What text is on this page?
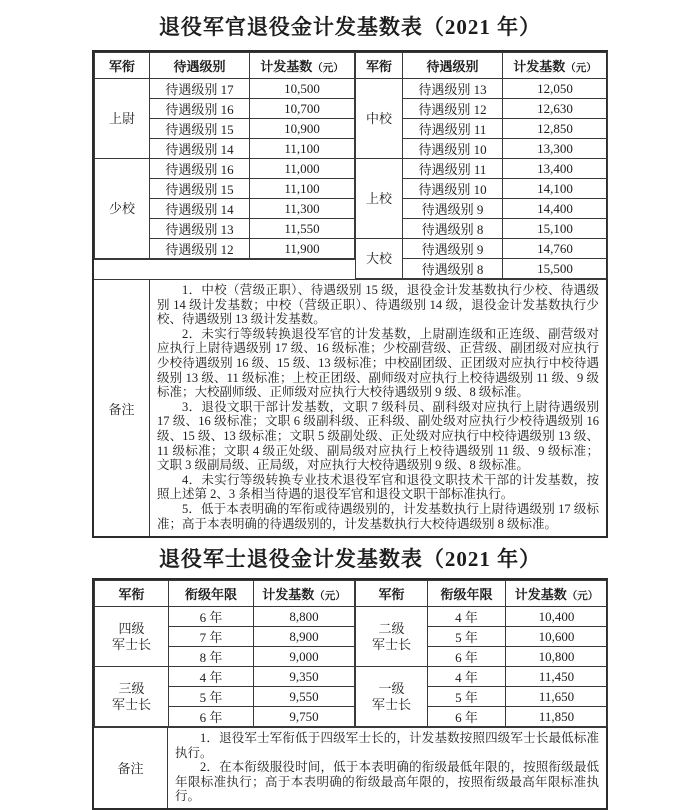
退役军官退役金计发基数表（2021 年）
军衔	待遇级别	计发基数（元）
上尉	待遇级别 17	10,500
	待遇级别 16	10,700
	待遇级别 15	10,900
	待遇级别 14	11,100
少校	待遇级别 16	11,000
	待遇级别 15	11,100
	待遇级别 14	11,300
	待遇级别 13	11,550
	待遇级别 12	11,900

军衔	待遇级别	计发基数（元）
中校	待遇级别 13	12,050
	待遇级别 12	12,630
	待遇级别 11	12,850
	待遇级别 10	13,300
上校	待遇级别 11	13,400
	待遇级别 10	14,100
	待遇级别 9	14,400
	待遇级别 8	15,100
大校	待遇级别 9	14,760
	待遇级别 8	15,500
备注

1．中校（营级正职）、待遇级别 15 级，退役金计发基数执行少校、待遇级别 14 级计发基数；中校（营级正职）、待遇级别 14 级，退役金计发基数执行少校、待遇级别 13 级计发基数。

2．未实行等级转换退役军官的计发基数，上尉副连级和正连级、副营级对应执行上尉待遇级别 17 级、16 级标准；少校副营级、正营级、副团级对应执行少校待遇级别 16 级、15 级、13 级标准；中校副团级、正团级对应执行中校待遇级别 13 级、11 级标准；上校正团级、副师级对应执行上校待遇级别 11 级、9 级标准；大校副师级、正师级对应执行大校待遇级别 9 级、8 级标准。

3．退役文职干部计发基数，文职 7 级科员、副科级对应执行上尉待遇级别 17 级、16 级标准；文职 6 级副科级、正科级、副处级对应执行少校待遇级别 16 级、15 级、13 级标准；文职 5 级副处级、正处级对应执行中校待遇级别 13 级、11 级标准；文职 4 级正处级、副局级对应执行上校待遇级别 11 级、9 级标准；文职 3 级副局级、正局级，对应执行大校待遇级别 9 级、8 级标准。

4．未实行等级转换专业技术退役军官和退役文职技术干部的计发基数，按照上述第 2、3 条相当待遇的退役军官和退役文职干部标准执行。

5．低于本表明确的军衔或待遇级别的，计发基数执行上尉待遇级别 17 级标准；高于本表明确的待遇级别的，计发基数执行大校待遇级别 8 级标准。

退役军士退役金计发基数表（2021 年）
军衔	衔级年限	计发基数（元）
四级
军士长	6 年	8,800
	7 年	8,900
	8 年	9,000
三级
军士长	4 年	9,350
	5 年	9,550
	6 年	9,750
军衔	衔级年限	计发基数（元）
二级
军士长	4 年	10,400
	5 年	10,600
	6 年	10,800
一级
军士长	4 年	11,450
	5 年	11,650
	6 年	11,850
备注

1．退役军士军衔低于四级军士长的，计发基数按照四级军士长最低标准执行。

2．在本衔级服役时间，低于本表明确的衔级最低年限的，按照衔级最低年限标准执行；高于本表明确的衔级最高年限的，按照衔级最高年限标准执行。
